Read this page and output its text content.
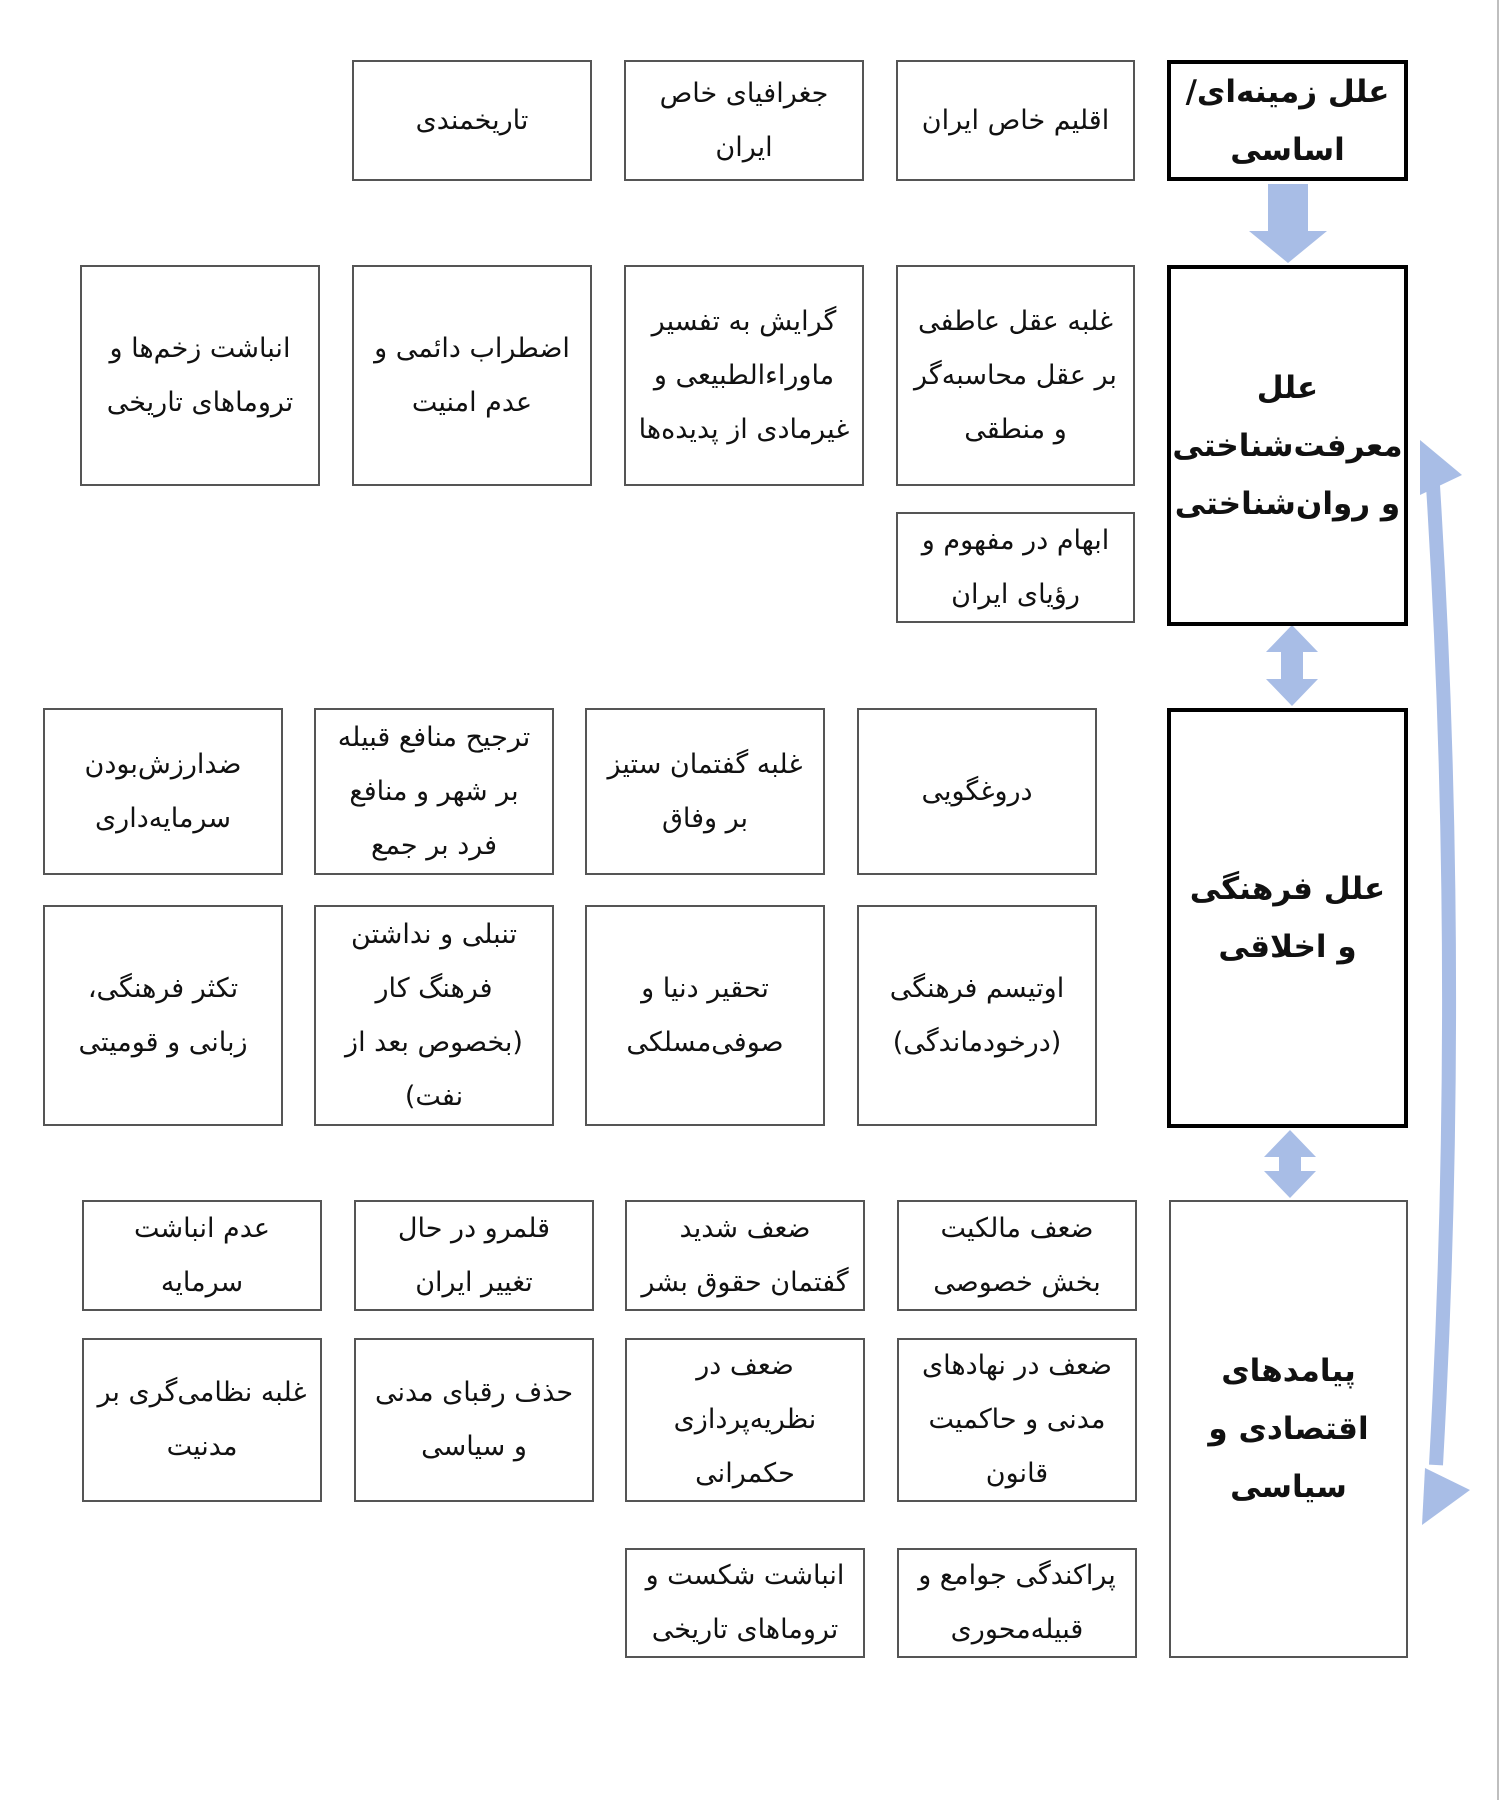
علل زمینه‌ای/اساسی
اقلیم خاص ایران
جغرافیای خاص ایران
تاریخمندی
علل معرفت‌شناختی و روان‌شناختی
غلبه عقل عاطفی بر عقل محاسبه‌گر و منطقی
گرایش به تفسیر ماوراءالطبیعی و غیرمادی از پدیده‌ها
اضطراب دائمی و عدم امنیت
انباشت زخم‌ها و تروماهای تاریخی
ابهام در مفهوم و رؤیای ایران
علل فرهنگی و اخلاقی
دروغگویی
غلبه گفتمان ستیز بر وفاق
ترجیح منافع قبیله بر شهر و منافع فرد بر جمع
ضدارزش‌بودن سرمایه‌داری
اوتیسم فرهنگی (درخودماندگی)
تحقیر دنیا و صوفی‌مسلکی
تنبلی و نداشتن فرهنگ کار (بخصوص بعد از نفت)
تکثر فرهنگی، زبانی و قومیتی
پیامدهای اقتصادی و سیاسی
ضعف مالکیت بخش خصوصی
ضعف شدید گفتمان حقوق بشر
قلمرو در حال تغییر ایران
عدم انباشت سرمایه
ضعف در نهادهای مدنی و حاکمیت قانون
ضعف در نظریه‌پردازی حکمرانی
حذف رقبای مدنی و سیاسی
غلبه نظامی‌گری بر مدنیت
پراکندگی جوامع و قبیله‌محوری
انباشت شکست و تروماهای تاریخی
